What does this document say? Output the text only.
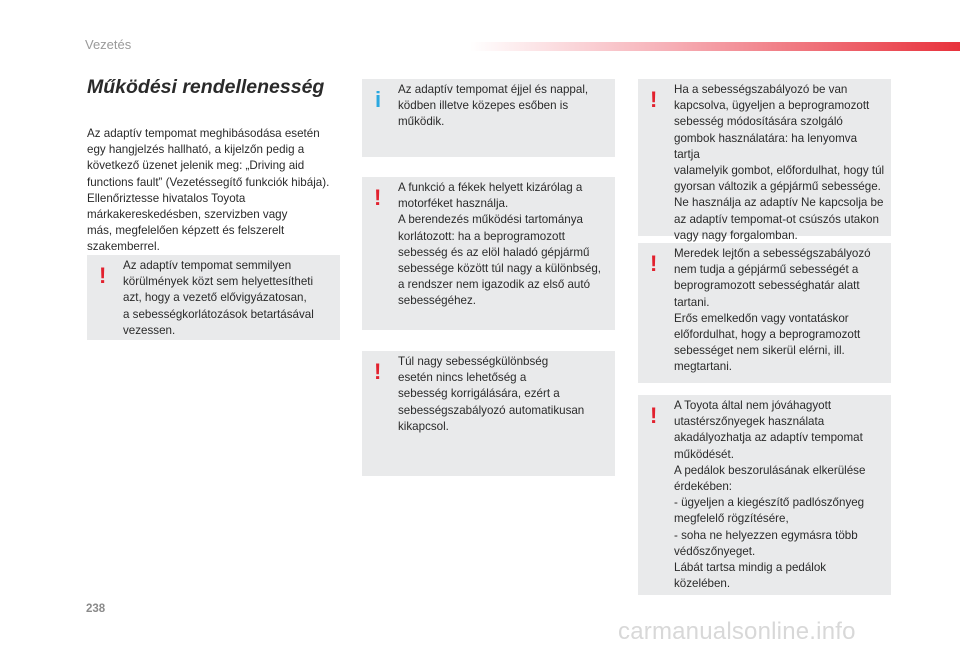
Vezetés
Működési rendellenesség
Az adaptív tempomat meghibásodása esetén
egy hangjelzés hallható, a kijelzőn pedig a
következő üzenet jelenik meg: „Driving aid
functions fault” (Vezetéssegítő funkciók hibája).
Ellenőriztesse hivatalos Toyota
márkakereskedésben, szervizben vagy
más, megfelelően képzett és felszerelt
szakemberrel.
! Az adaptív tempomat semmilyen
körülmények közt sem helyettesítheti
azt, hogy a vezető elővigyázatosan,
a sebességkorlátozások betartásával
vezessen.
i Az adaptív tempomat éjjel és nappal,
ködben illetve közepes esőben is
működik.
! A funkció a fékek helyett kizárólag a
motorféket használja.
A berendezés működési tartománya
korlátozott: ha a beprogramozott
sebesség és az elöl haladó gépjármű
sebessége között túl nagy a különbség,
a rendszer nem igazodik az első autó
sebességéhez.
! Túl nagy sebességkülönbség
esetén nincs lehetőség a
sebesség korrigálására, ezért a
sebességszabályozó automatikusan
kikapcsol.
! Ha a sebességszabályozó be van
kapcsolva, ügyeljen a beprogramozott
sebesség módosítására szolgáló
gombok használatára: ha lenyomva tartja
valamelyik gombot, előfordulhat, hogy túl
gyorsan változik a gépjármű sebessége.
Ne használja az adaptív Ne kapcsolja be
az adaptív tempomat-ot csúszós utakon
vagy nagy forgalomban.
! Meredek lejtőn a sebességszabályozó
nem tudja a gépjármű sebességét a
beprogramozott sebességhatár alatt
tartani.
Erős emelkedőn vagy vontatáskor
előfordulhat, hogy a beprogramozott
sebességet nem sikerül elérni, ill.
megtartani.
! A Toyota által nem jóváhagyott
utastérszőnyegek használata
akadályozhatja az adaptív tempomat
működését.
A pedálok beszorulásának elkerülése
érdekében:
- ügyeljen a kiegészítő padlószőnyeg
megfelelő rögzítésére,
- soha ne helyezzen egymásra több
védőszőnyeget.
Lábát tartsa mindig a pedálok
közelében.
238
carmanualsonline.info
